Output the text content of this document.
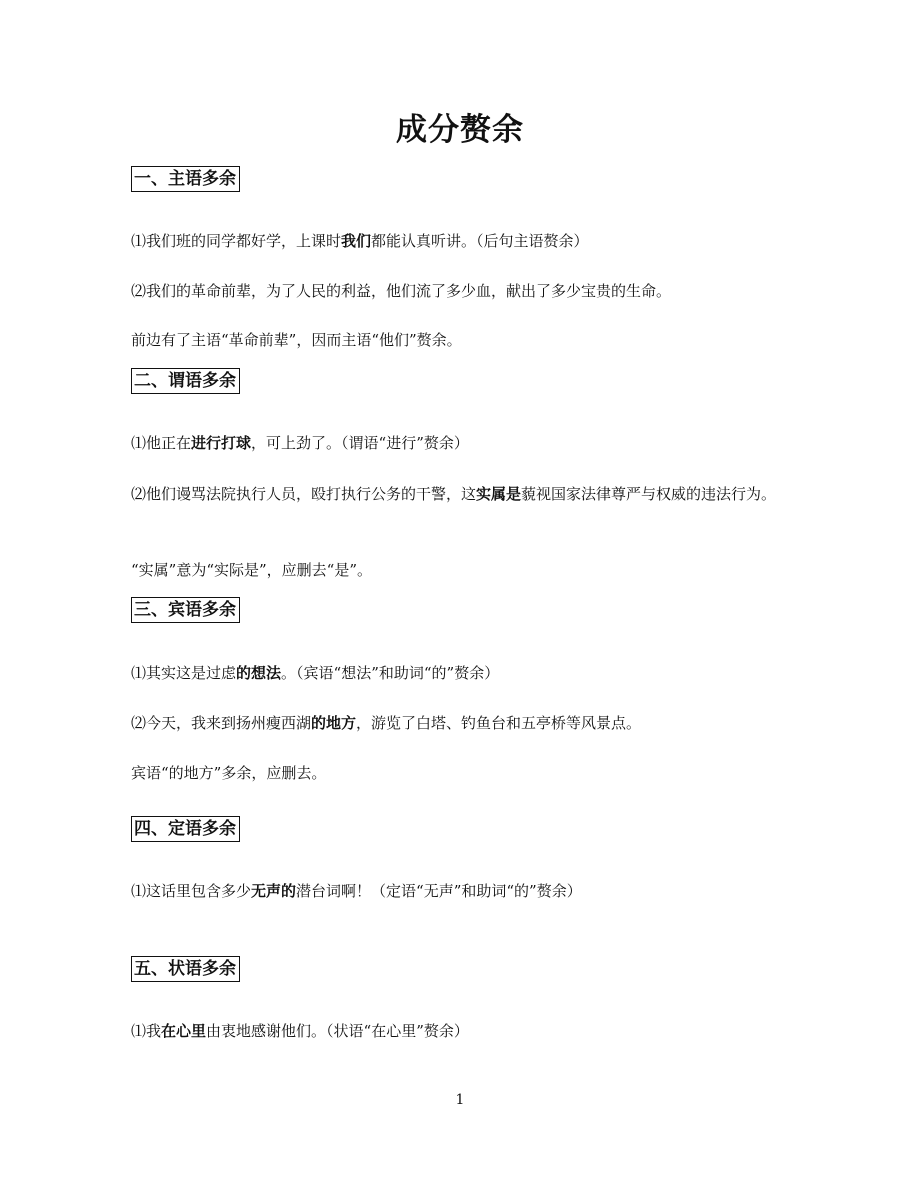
成分赘余
一、主语多余
⑴我们班的同学都好学，上课时我们都能认真听讲。（后句主语赘余）
⑵我们的革命前辈，为了人民的利益，他们流了多少血，献出了多少宝贵的生命。
前边有了主语“革命前辈”，因而主语“他们”赘余。
二、谓语多余
⑴他正在进行打球，可上劲了。（谓语“进行”赘余）
⑵他们谩骂法院执行人员，殴打执行公务的干警，这实属是藐视国家法律尊严与权威的违法行为。
“实属”意为“实际是”，应删去“是”。
三、宾语多余
⑴其实这是过虑的想法。（宾语“想法”和助词“的”赘余）
⑵今天，我来到扬州瘦西湖的地方，游览了白塔、钓鱼台和五亭桥等风景点。
宾语“的地方”多余，应删去。
四、定语多余
⑴这话里包含多少无声的潜台词啊！（定语“无声”和助词“的”赘余）
五、状语多余
⑴我在心里由衷地感谢他们。（状语“在心里”赘余）
1
